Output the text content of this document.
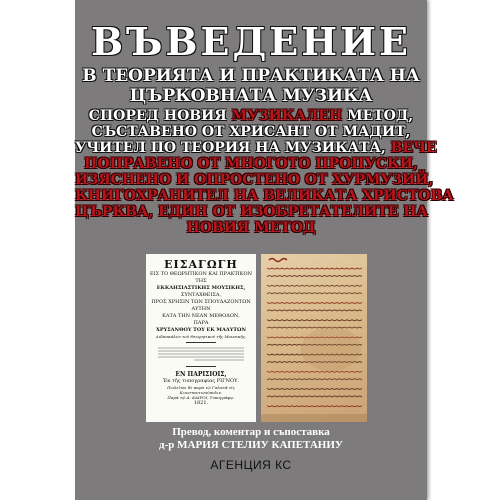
ВЪВЕДЕНИЕ
В ТЕОРИЯТА И ПРАКТИКАТА НА
ЦЪРКОВНАТА МУЗИКА
СПОРЕД НОВИЯ МУЗИКАЛЕН МЕТОД,
СЪСТАВЕНО ОТ ХРИСАНТ ОТ МАДИТ,
УЧИТЕЛ ПО ТЕОРИЯ НА МУЗИКАТА, ВЕЧЕ
ПОПРАВЕНО ОТ МНОГОТО ПРОПУСКИ,
ИЗЯСНЕНО И ОПРОСТЕНО ОТ ХУРМУЗИЙ,
КНИГОХРАНИТЕЛ НА ВЕЛИКАТА ХРИСТОВА
ЦЪРКВА, ЕДИН ОТ ИЗОБРЕТАТЕЛИТЕ НА
НОВИЯ МЕТОД
ΕΙΣΑΓΩΓΗ
ΕΙΣ ΤΟ ΘΕΩΡΗΤΙΚΟΝ ΚΑΙ ΠΡΑΚΤΙΚΟΝ
ΤΗΣ
ΕΚΚΛΗΣΙΑΣΤΙΚΗΣ ΜΟΥΣΙΚΗΣ,
ΣΥΝΤΑΧΘΕΙΣΑ,
ΠΡΟΣ ΧΡΗΣΙΝ ΤΩΝ ΣΠΟΥΔΑΖΟΝΤΩΝ ΑΥΤΗΝ
ΚΑΤΑ ΤΗΝ ΝΕΑΝ ΜΕΘΟΔΟΝ,
ΠΑΡΑ
ΧΡΥΣΑΝΘΟΥ ΤΟΥ ΕΚ ΜΑΔΥΤΩΝ
Διδασκάλου τοῦ Θεωρητικοῦ τῆς Μουσικῆς.
ΕΝ ΠΑΡΙΣΙΟΙΣ,
Ἐκ τῆς τυπογραφίας ΡΙΓΝΟΥ.
Πωλεῖται δὲ παρὰ τῷ Γαλατᾷ εἰς Κωνσταντινούπολιν.
Παρὰ τῷ Α. ΚΑΙΡΟΙ, Τυπογράφῳ.
1821.
Превод, коментар и съпоставка
д-р МАРИЯ СТЕЛИУ КАПЕТАНИУ
АГЕНЦИЯ КС
